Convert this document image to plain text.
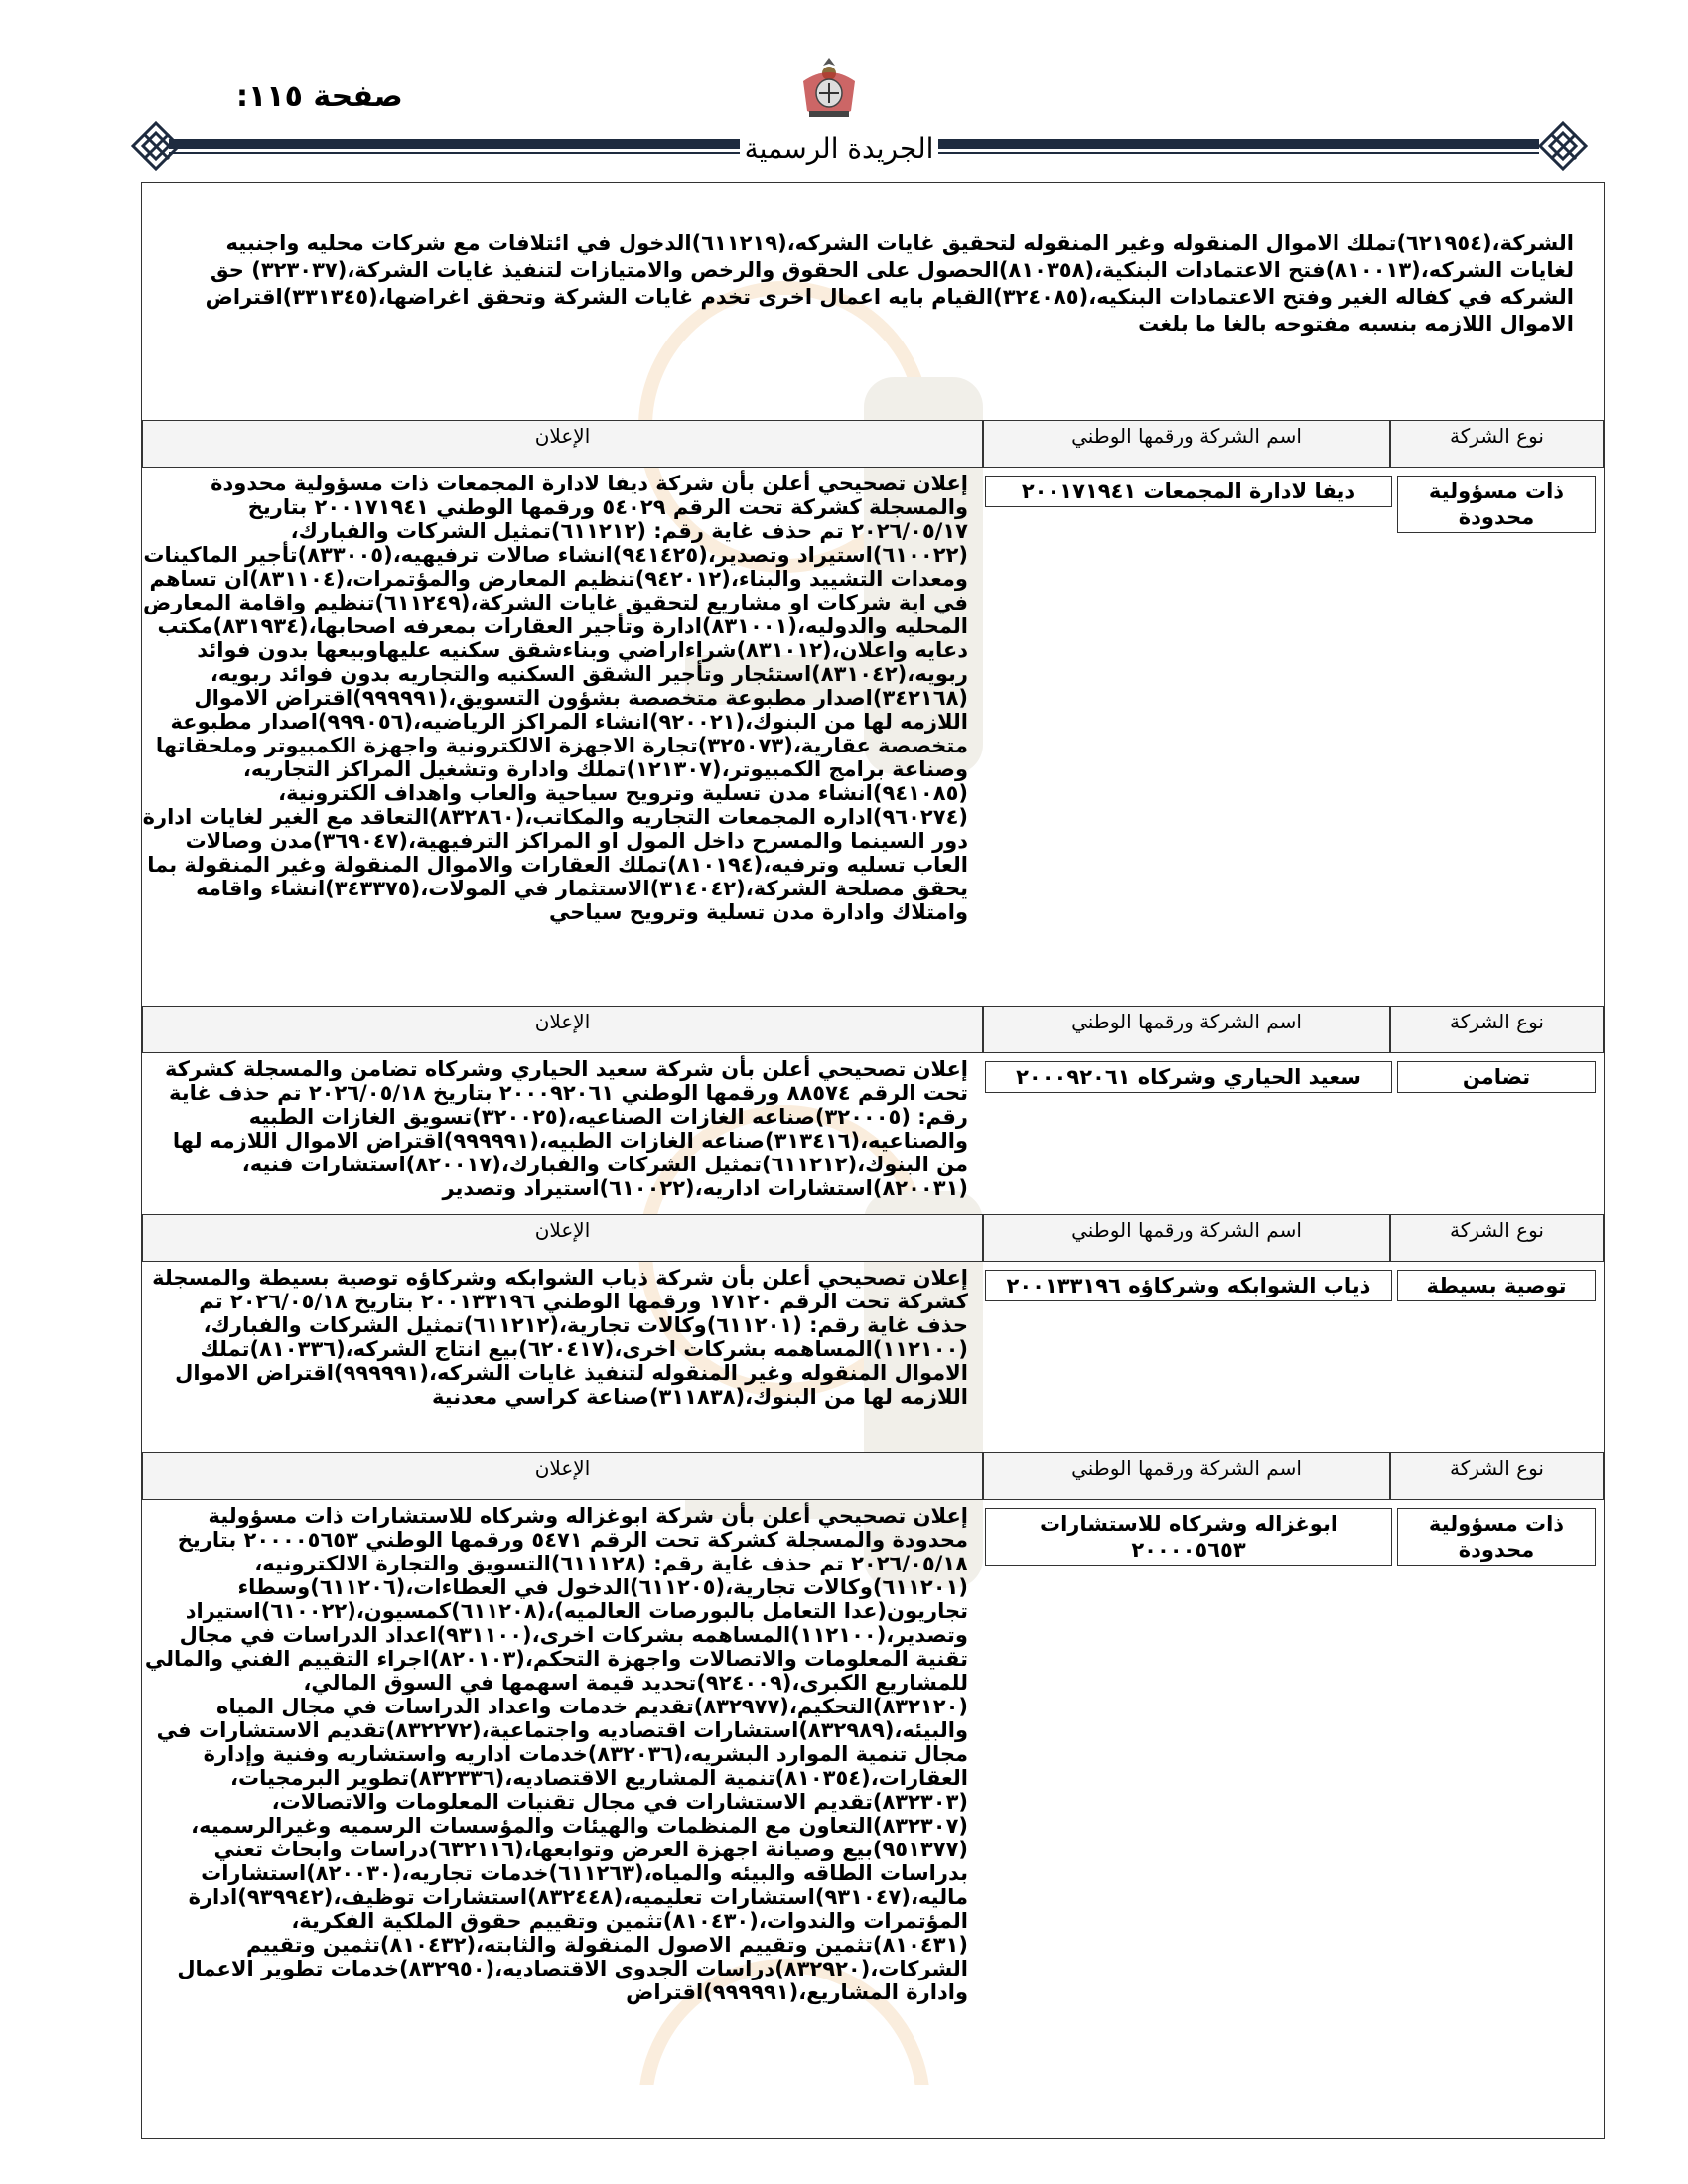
صفحة ١١٥:
الجريدة الرسمية
الشركة،(٦٢١٩٥٤)تملك الاموال المنقوله وغير المنقوله لتحقيق غايات الشركه،(٦١١٢١٩)الدخول في ائتلافات مع شركات محليه واجنبيه لغايات الشركه،(٨١٠٠١٣)فتح الاعتمادات البنكية،(٨١٠٣٥٨)الحصول على الحقوق والرخص والامتيازات لتنفيذ غايات الشركة،(٣٢٣٠٣٧) حق الشركه في كفاله الغير وفتح الاعتمادات البنكيه،(٣٢٤٠٨٥)القيام بايه اعمال اخرى تخدم غايات الشركة وتحقق اغراضها،(٣٣١٣٤٥)اقتراض الاموال اللازمه بنسبه مفتوحه بالغا ما بلغت
نوع الشركة
اسم الشركة ورقمها الوطني
الإعلان
ذات مسؤولية محدودة
ديفا لادارة المجمعات ٢٠٠١٧١٩٤١
إعلان تصحيحي أعلن بأن شركة ديفا لادارة المجمعات ذات مسؤولية محدودة والمسجلة كشركة تحت الرقم ٥٤٠٢٩ ورقمها الوطني ٢٠٠١٧١٩٤١ بتاريخ ٢٠٢٦/٠٥/١٧ تم حذف غاية رقم: (٦١١٢١٢)تمثيل الشركات والفبارك،(٦١٠٠٢٢)استيراد وتصدير،(٩٤١٤٢٥)انشاء صالات ترفيهيه،(٨٣٣٠٠٥)تأجير الماكينات ومعدات التشييد والبناء،(٩٤٢٠١٢)تنظيم المعارض والمؤتمرات،(٨٣١١٠٤)ان تساهم في اية شركات او مشاريع لتحقيق غايات الشركة،(٦١١٢٤٩)تنظيم واقامة المعارض المحليه والدوليه،(٨٣١٠٠١)ادارة وتأجير العقارات بمعرفه اصحابها،(٨٣١٩٣٤)مكتب دعايه واعلان،(٨٣١٠١٢)شراءاراضي وبناءشقق سكنيه عليهاوبيعها بدون فوائد ربويه،(٨٣١٠٤٢)استئجار وتأجير الشقق السكنيه والتجاريه بدون فوائد ربويه،(٣٤٢١٦٨)اصدار مطبوعة متخصصة بشؤون التسويق،(٩٩٩٩٩١)اقتراض الاموال اللازمه لها من البنوك،(٩٢٠٠٢١)انشاء المراكز الرياضيه،(٩٩٩٠٥٦)اصدار مطبوعة متخصصة عقارية،(٣٢٥٠٧٣)تجارة الاجهزة الالكترونية واجهزة الكمبيوتر وملحقاتها وصناعة برامج الكمبيوتر،(١٢١٣٠٧)تملك وادارة وتشغيل المراكز التجاريه،(٩٤١٠٨٥)انشاء مدن تسلية وترويح سياحية والعاب واهداف الكترونية،(٩٦٠٢٧٤)اداره المجمعات التجاريه والمكاتب،(٨٣٢٨٦٠)التعاقد مع الغير لغايات ادارة دور السينما والمسرح داخل المول او المراكز الترفيهية،(٣٦٩٠٤٧)مدن وصالات العاب تسليه وترفيه،(٨١٠١٩٤)تملك العقارات والاموال المنقولة وغير المنقولة بما يحقق مصلحة الشركة،(٣١٤٠٤٢)الاستثمار في المولات،(٣٤٣٣٧٥)انشاء واقامه وامتلاك وادارة مدن تسلية وترويح سياحي
نوع الشركة
اسم الشركة ورقمها الوطني
الإعلان
تضامن
سعيد الحياري وشركاه ٢٠٠٠٩٢٠٦١
إعلان تصحيحي أعلن بأن شركة سعيد الحياري وشركاه تضامن والمسجلة كشركة تحت الرقم ٨٨٥٧٤ ورقمها الوطني ٢٠٠٠٩٢٠٦١ بتاريخ ٢٠٢٦/٠٥/١٨ تم حذف غاية رقم: (٣٢٠٠٠٥)صناعه الغازات الصناعيه،(٣٢٠٠٢٥)تسويق الغازات الطبيه والصناعيه،(٣١٣٤١٦)صناعه الغازات الطبيه،(٩٩٩٩٩١)اقتراض الاموال اللازمه لها من البنوك،(٦١١٢١٢)تمثيل الشركات والفبارك،(٨٢٠٠١٧)استشارات فنيه،(٨٢٠٠٣١)استشارات اداريه،(٦١٠٠٢٢)استيراد وتصدير
نوع الشركة
اسم الشركة ورقمها الوطني
الإعلان
توصية بسيطة
ذياب الشوابكه وشركاؤه ٢٠٠١٣٣١٩٦
إعلان تصحيحي أعلن بأن شركة ذياب الشوابكه وشركاؤه توصية بسيطة والمسجلة كشركة تحت الرقم ١٧١٢٠ ورقمها الوطني ٢٠٠١٣٣١٩٦ بتاريخ ٢٠٢٦/٠٥/١٨ تم حذف غاية رقم: (٦١١٢٠١)وكالات تجارية،(٦١١٢١٢)تمثيل الشركات والفبارك،(١١٢١٠٠)المساهمه بشركات اخرى،(٦٢٠٤١٧)بيع انتاج الشركه،(٨١٠٣٣٦)تملك الاموال المنقوله وغير المنقوله لتنفيذ غايات الشركه،(٩٩٩٩٩١)اقتراض الاموال اللازمه لها من البنوك،(٣١١٨٣٨)صناعة كراسي معدنية
نوع الشركة
اسم الشركة ورقمها الوطني
الإعلان
ذات مسؤولية محدودة
ابوغزاله وشركاه للاستشارات ٢٠٠٠٠٥٦٥٣
إعلان تصحيحي أعلن بأن شركة ابوغزاله وشركاه للاستشارات ذات مسؤولية محدودة والمسجلة كشركة تحت الرقم ٥٤٧١ ورقمها الوطني ٢٠٠٠٠٥٦٥٣ بتاريخ ٢٠٢٦/٠٥/١٨ تم حذف غاية رقم: (٦١١١٢٨)التسويق والتجارة الالكترونيه،(٦١١٢٠١)وكالات تجارية،(٦١١٢٠٥)الدخول في العطاءات،(٦١١٢٠٦)وسطاء تجاريون(عدا التعامل بالبورصات العالميه)،(٦١١٢٠٨)كمسيون،(٦١٠٠٢٢)استيراد وتصدير،(١١٢١٠٠)المساهمه بشركات اخرى،(٩٣١١٠٠)اعداد الدراسات في مجال تقنية المعلومات والاتصالات واجهزة التحكم،(٨٢٠١٠٣)اجراء التقييم الفني والمالي للمشاريع الكبرى،(٩٢٤٠٠٩)تحديد قيمة اسهمها في السوق المالي،(٨٣٢١٢٠)التحكيم،(٨٣٢٩٧٧)تقديم خدمات واعداد الدراسات في مجال المياه والبيئه،(٨٣٢٩٨٩)استشارات اقتصاديه واجتماعية،(٨٣٢٢٧٢)تقديم الاستشارات في مجال تنمية الموارد البشريه،(٨٣٢٠٣٦)خدمات اداريه واستشاريه وفنية وإدارة العقارات،(٨١٠٣٥٤)تنمية المشاريع الاقتصاديه،(٨٣٢٣٣٦)تطوير البرمجيات،(٨٣٢٣٠٣)تقديم الاستشارات في مجال تقنيات المعلومات والاتصالات،(٨٣٢٣٠٧)التعاون مع المنظمات والهيئات والمؤسسات الرسميه وغيرالرسميه،(٩٥١٣٧٧)بيع وصيانة اجهزة العرض وتوابعها،(٦٣٢١١٦)دراسات وابحاث تعني بدراسات الطاقه والبيئه والمياه،(٦١١٢٦٣)خدمات تجاريه،(٨٢٠٠٣٠)استشارات ماليه،(٩٣١٠٤٧)استشارات تعليميه،(٨٣٢٤٤٨)استشارات توظيف،(٩٣٩٩٤٢)ادارة المؤتمرات والندوات،(٨١٠٤٣٠)تثمين وتقييم حقوق الملكية الفكرية،(٨١٠٤٣١)تثمين وتقييم الاصول المنقولة والثابته،(٨١٠٤٣٢)تثمين وتقييم الشركات،(٨٣٢٩٢٠)دراسات الجدوى الاقتصاديه،(٨٣٢٩٥٠)خدمات تطوير الاعمال وادارة المشاريع،(٩٩٩٩٩١)اقتراض
